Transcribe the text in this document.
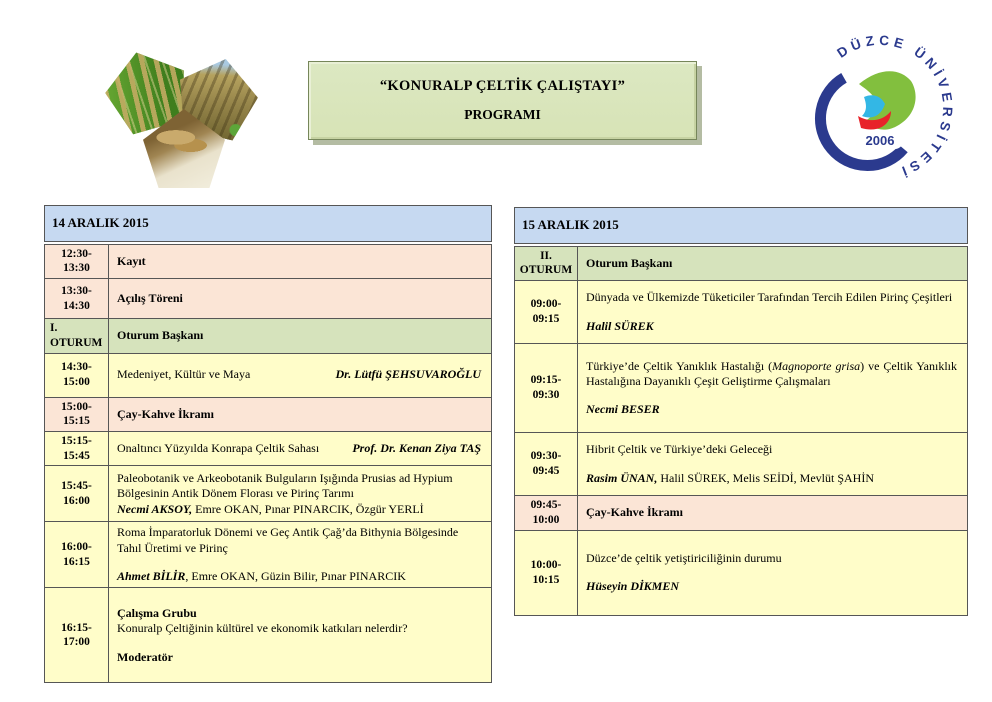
“KONURALP ÇELTİK ÇALIŞTAYI”
PROGRAMI
2006
DÜZCE ÜNİVERSİTESİ
14 ARALIK 2015
12:30-13:30
Kayıt
13:30-14:30
Açılış Töreni
I.
OTURUM
Oturum Başkanı
14:30-15:00
Medeniyet, Kültür ve Maya	Dr. Lütfü ŞEHSUVAROĞLU
15:00-15:15
Çay-Kahve İkramı
15:15-15:45
Onaltıncı Yüzyılda Konrapa Çeltik Sahası	Prof. Dr. Kenan Ziya TAŞ
15:45-16:00
Paleobotanik ve Arkeobotanik Bulguların Işığında Prusias ad Hypium Bölgesinin Antik Dönem Florası ve Pirinç Tarımı
Necmi AKSOY, Emre OKAN, Pınar PINARCIK, Özgür YERLİ
16:00-16:15
Roma İmparatorluk Dönemi ve Geç Antik Çağ’da Bithynia Bölgesinde Tahıl Üretimi ve Pirinç
Ahmet BİLİR, Emre OKAN, Güzin Bilir, Pınar PINARCIK
16:15-17:00
Çalışma Grubu
Konuralp Çeltiğinin kültürel ve ekonomik katkıları nelerdir?
Moderatör
15 ARALIK 2015
II.
OTURUM
Oturum Başkanı
09:00-09:15
Dünyada ve Ülkemizde Tüketiciler Tarafından Tercih Edilen Pirinç Çeşitleri
Halil SÜREK
09:15-09:30
Türkiye’de Çeltik Yanıklık Hastalığı (Magnoporte grisa) ve Çeltik Yanıklık Hastalığına Dayanıklı Çeşit Geliştirme Çalışmaları
Necmi BESER
09:30-09:45
Hibrit Çeltik ve Türkiye’deki Geleceği
Rasim ÜNAN, Halil SÜREK, Melis SEİDİ, Mevlüt ŞAHİN
09:45-10:00
Çay-Kahve İkramı
10:00-10:15
Düzce’de çeltik yetiştiriciliğinin durumu
Hüseyin DİKMEN
